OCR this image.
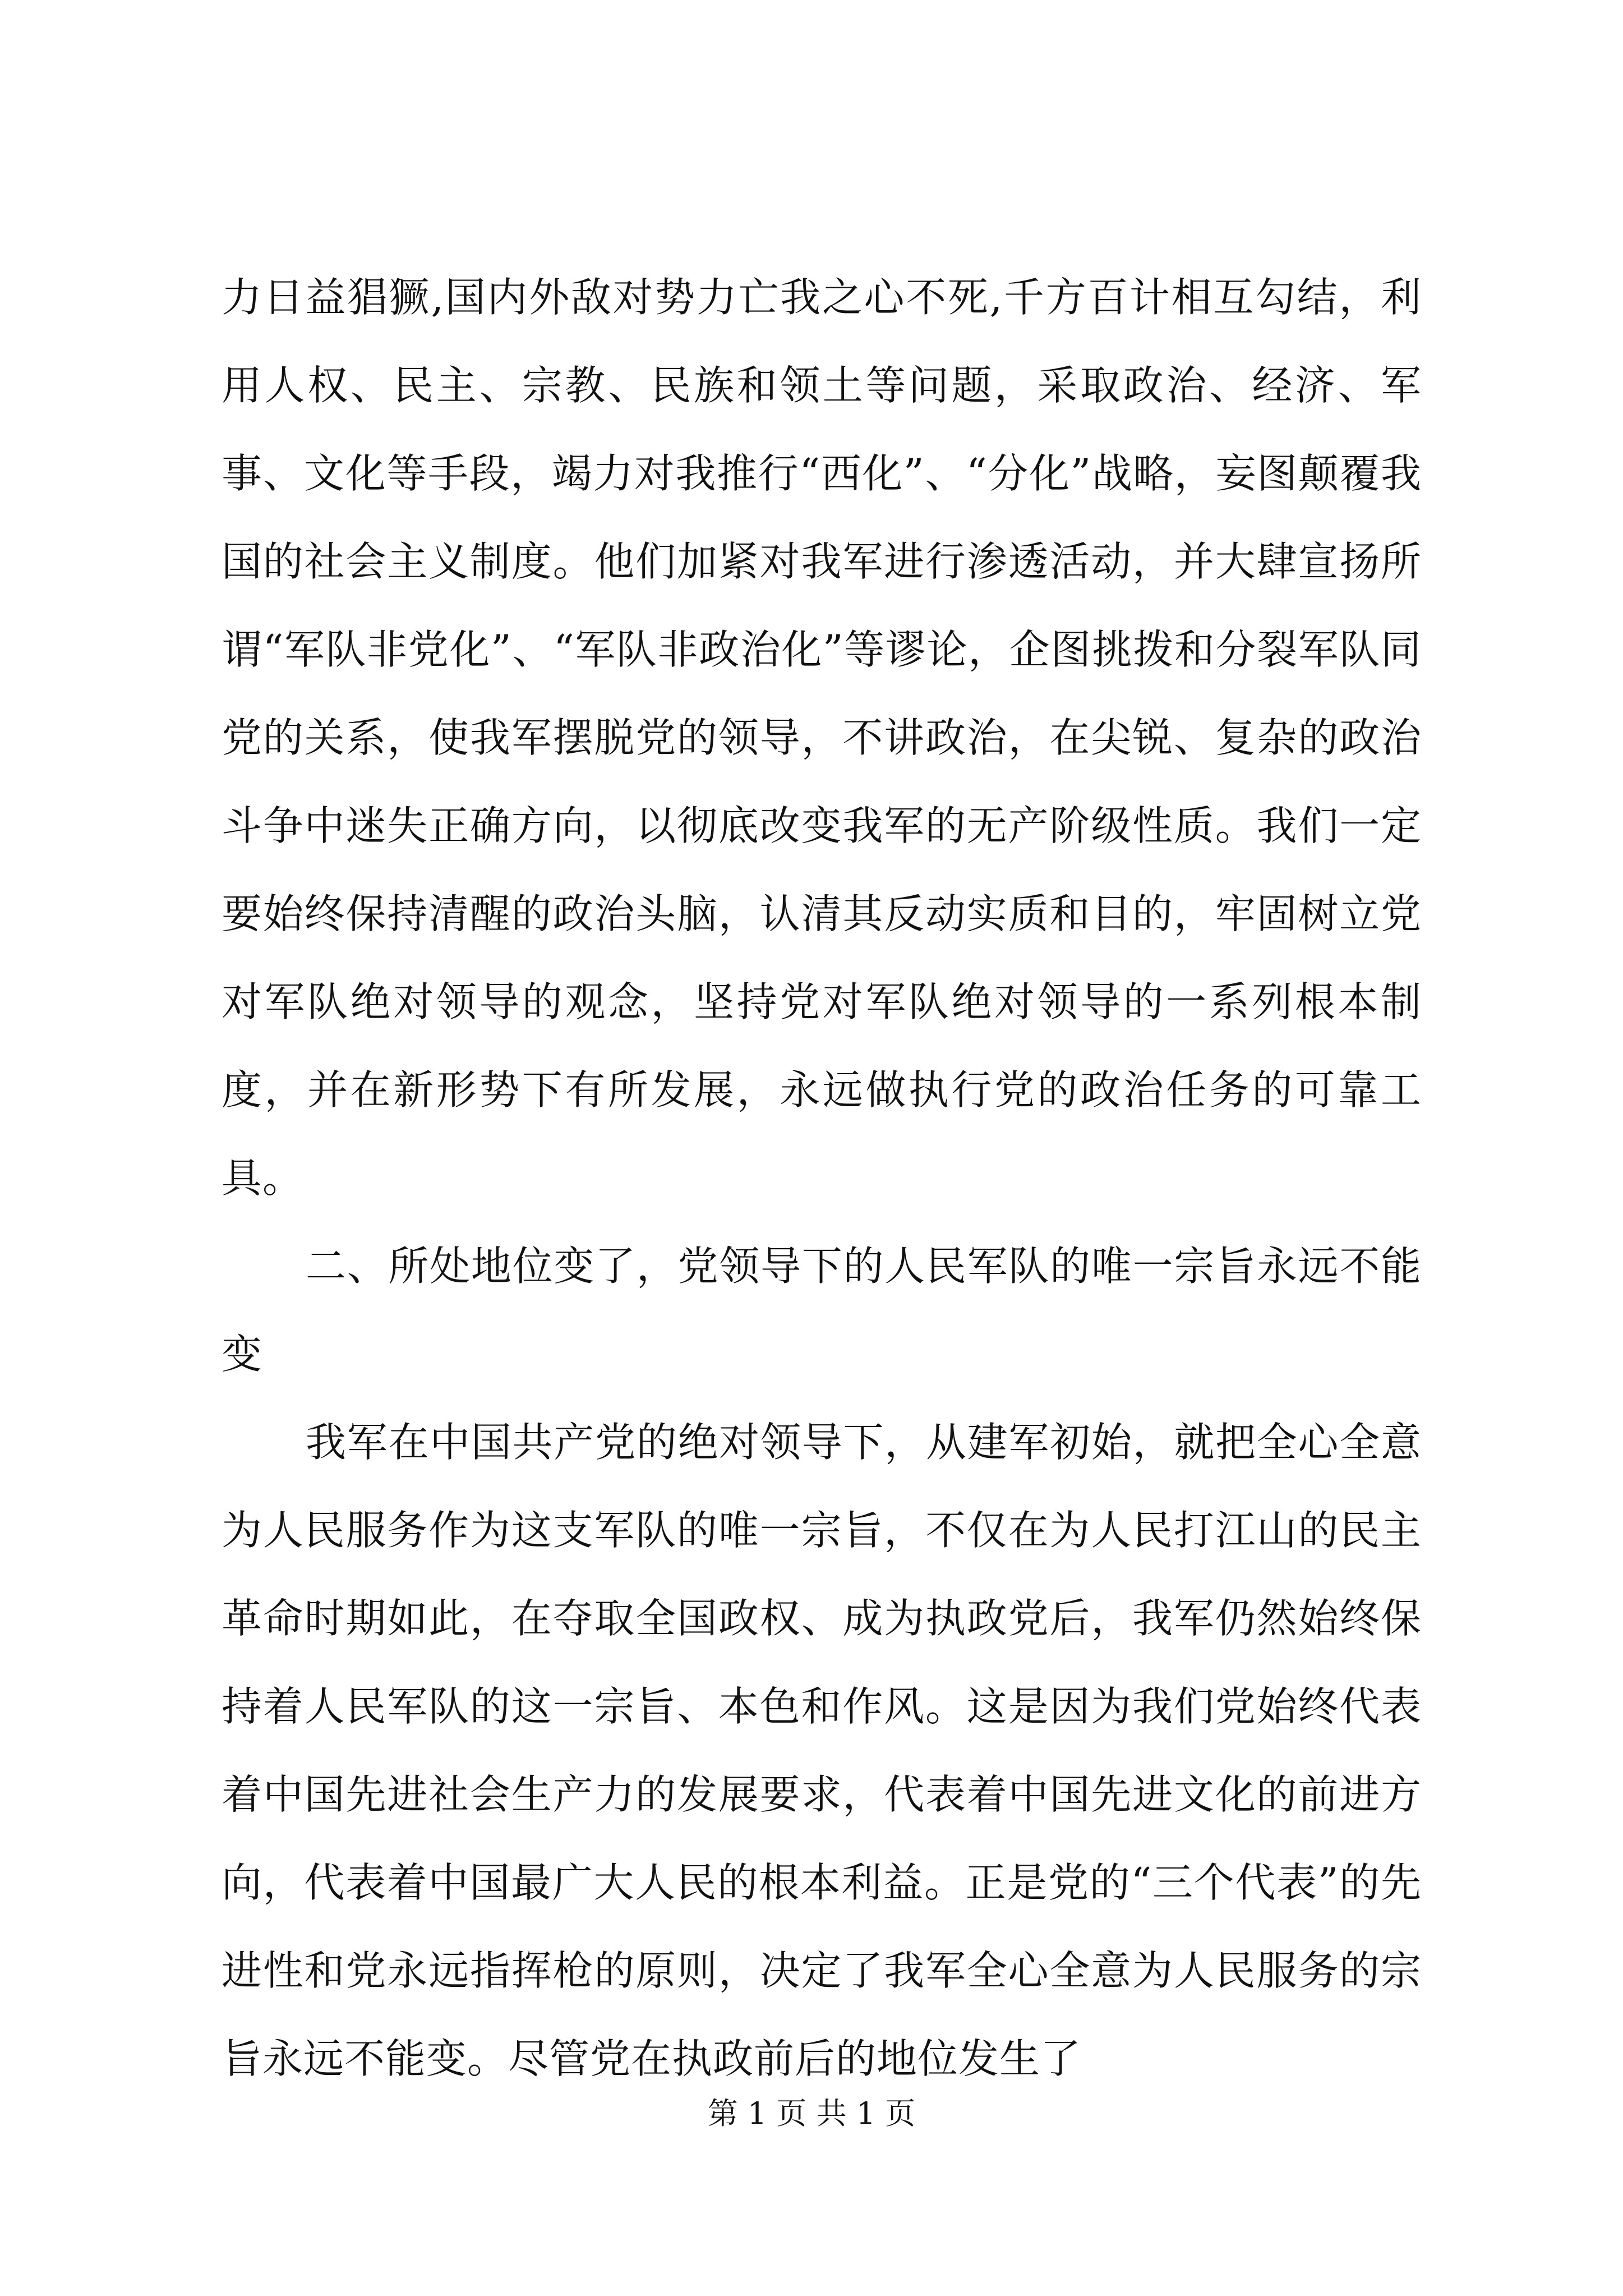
力日益猖獗,国内外敌对势力亡我之心不死,千方百计相互勾结，利用人权、民主、宗教、民族和领土等问题，采取政治、经济、军事、文化等手段，竭力对我推行“西化”、“分化”战略，妄图颠覆我国的社会主义制度。他们加紧对我军进行渗透活动，并大肆宣扬所谓“军队非党化”、“军队非政治化”等谬论，企图挑拨和分裂军队同党的关系，使我军摆脱党的领导，不讲政治，在尖锐、复杂的政治斗争中迷失正确方向，以彻底改变我军的无产阶级性质。我们一定要始终保持清醒的政治头脑，认清其反动实质和目的，牢固树立党对军队绝对领导的观念，坚持党对军队绝对领导的一系列根本制度，并在新形势下有所发展，永远做执行党的政治任务的可靠工具。

二、所处地位变了，党领导下的人民军队的唯一宗旨永远不能变

我军在中国共产党的绝对领导下，从建军初始，就把全心全意为人民服务作为这支军队的唯一宗旨，不仅在为人民打江山的民主革命时期如此，在夺取全国政权、成为执政党后，我军仍然始终保持着人民军队的这一宗旨、本色和作风。这是因为我们党始终代表着中国先进社会生产力的发展要求，代表着中国先进文化的前进方向，代表着中国最广大人民的根本利益。正是党的“三个代表”的先进性和党永远指挥枪的原则，决定了我军全心全意为人民服务的宗旨永远不能变。尽管党在执政前后的地位发生了

第 1 页 共 1 页
